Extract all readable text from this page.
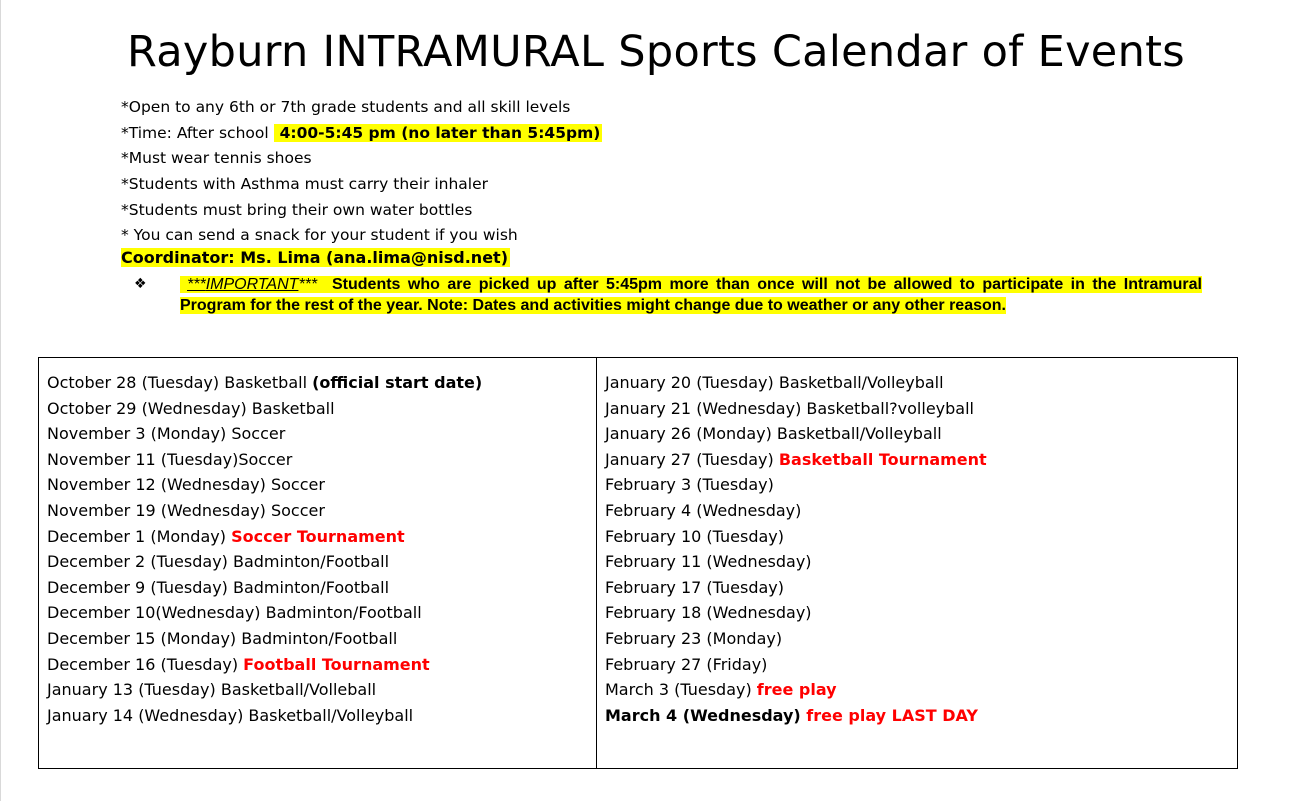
Rayburn INTRAMURAL Sports Calendar of Events
*Open to any 6th or 7th grade students and all skill levels
*Time: After school 4:00-5:45 pm (no later than 5:45pm)
*Must wear tennis shoes
*Students with Asthma must carry their inhaler
*Students must bring their own water bottles
* You can send a snack for your student if you wish
Coordinator: Ms. Lima (ana.lima@nisd.net)
❖	***IMPORTANT*** Students who are picked up after 5:45pm more than once will not be allowed to participate in the Intramural Program for the rest of the year. Note: Dates and activities might change due to weather or any other reason.
October 28 (Tuesday) Basketball (official start date)
October 29 (Wednesday) Basketball
November 3 (Monday) Soccer
November 11 (Tuesday)Soccer
November 12 (Wednesday) Soccer
November 19 (Wednesday) Soccer
December 1 (Monday) Soccer Tournament
December 2 (Tuesday) Badminton/Football
December 9 (Tuesday) Badminton/Football
December 10(Wednesday) Badminton/Football
December 15 (Monday) Badminton/Football
December 16 (Tuesday) Football Tournament
January 13 (Tuesday) Basketball/Volleball
January 14 (Wednesday) Basketball/Volleyball
January 20 (Tuesday) Basketball/Volleyball
January 21 (Wednesday) Basketball?volleyball
January 26 (Monday) Basketball/Volleyball
January 27 (Tuesday) Basketball Tournament
February 3 (Tuesday)
February 4 (Wednesday)
February 10 (Tuesday)
February 11 (Wednesday)
February 17 (Tuesday)
February 18 (Wednesday)
February 23 (Monday)
February 27 (Friday)
March 3 (Tuesday) free play
March 4 (Wednesday) free play LAST DAY
